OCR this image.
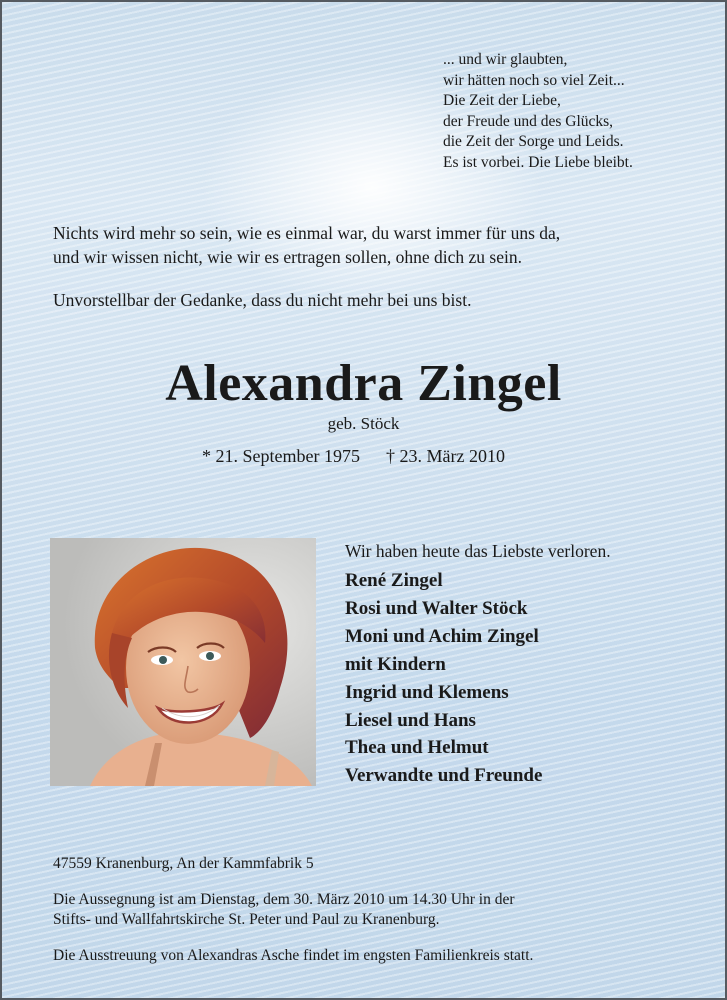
... und wir glaubten,
wir hätten noch so viel Zeit...
Die Zeit der Liebe,
der Freude und des Glücks,
die Zeit der Sorge und Leids.
Es ist vorbei. Die Liebe bleibt.
Nichts wird mehr so sein, wie es einmal war, du warst immer für uns da,
und wir wissen nicht, wie wir es ertragen sollen, ohne dich zu sein.
Unvorstellbar der Gedanke, dass du nicht mehr bei uns bist.
Alexandra Zingel
geb. Stöck
* 21. September 1975 † 23. März 2010
Wir haben heute das Liebste verloren.
René Zingel
Rosi und Walter Stöck
Moni und Achim Zingel
mit Kindern
Ingrid und Klemens
Liesel und Hans
Thea und Helmut
Verwandte und Freunde
47559 Kranenburg, An der Kammfabrik 5
Die Aussegnung ist am Dienstag, dem 30. März 2010 um 14.30 Uhr in der
Stifts- und Wallfahrtskirche St. Peter und Paul zu Kranenburg.
Die Ausstreuung von Alexandras Asche findet im engsten Familienkreis statt.
